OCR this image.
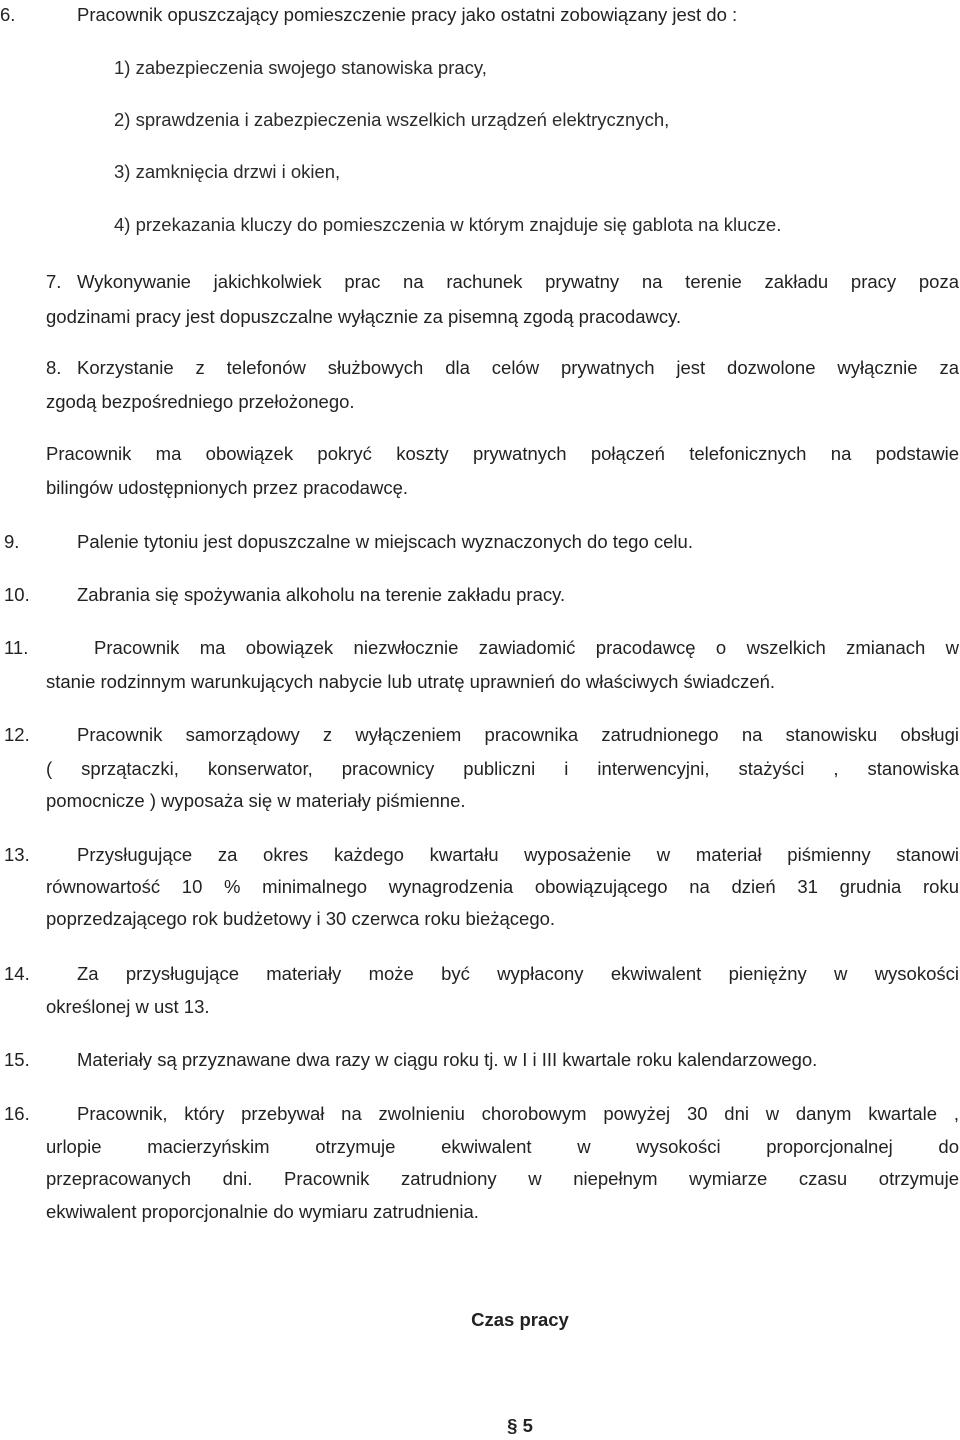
6.	Pracownik opuszczający pomieszczenie pracy jako ostatni zobowiązany jest do :
1) zabezpieczenia swojego stanowiska pracy,
2) sprawdzenia i zabezpieczenia wszelkich urządzeń elektrycznych,
3) zamknięcia drzwi i okien,
4) przekazania kluczy do pomieszczenia w którym znajduje się gablota na klucze.
7. Wykonywanie jakichkolwiek prac na rachunek prywatny na terenie zakładu pracy poza
godzinami pracy jest dopuszczalne wyłącznie za pisemną zgodą pracodawcy.
8. Korzystanie z telefonów służbowych dla celów prywatnych jest dozwolone wyłącznie za
zgodą bezpośredniego przełożonego.
Pracownik ma obowiązek pokryć koszty prywatnych połączeń telefonicznych na podstawie
bilingów udostępnionych przez pracodawcę.
9.	Palenie tytoniu jest dopuszczalne w miejscach wyznaczonych do tego celu.
10.	Zabrania się spożywania alkoholu na terenie zakładu pracy.
11.	Pracownik ma obowiązek niezwłocznie zawiadomić pracodawcę o wszelkich zmianach w
stanie rodzinnym warunkujących nabycie lub utratę uprawnień do właściwych świadczeń.
12.	Pracownik samorządowy z wyłączeniem pracownika zatrudnionego na stanowisku obsługi
( sprzątaczki, konserwator, pracownicy publiczni i interwencyjni, stażyści , stanowiska
pomocnicze ) wyposaża się w materiały piśmienne.
13.	Przysługujące za okres każdego kwartału wyposażenie w materiał piśmienny stanowi
równowartość 10 % minimalnego wynagrodzenia obowiązującego na dzień 31 grudnia roku
poprzedzającego rok budżetowy i 30 czerwca roku bieżącego.
14.	Za przysługujące materiały może być wypłacony ekwiwalent pieniężny w wysokości
określonej w ust 13.
15.	Materiały są przyznawane dwa razy w ciągu roku tj. w I i III kwartale roku kalendarzowego.
16.	Pracownik, który przebywał na zwolnieniu chorobowym powyżej 30 dni w danym kwartale ,
urlopie macierzyńskim otrzymuje ekwiwalent w wysokości proporcjonalnej do
przepracowanych dni. Pracownik zatrudniony w niepełnym wymiarze czasu otrzymuje
ekwiwalent proporcjonalnie do wymiaru zatrudnienia.
Czas pracy
§ 5
